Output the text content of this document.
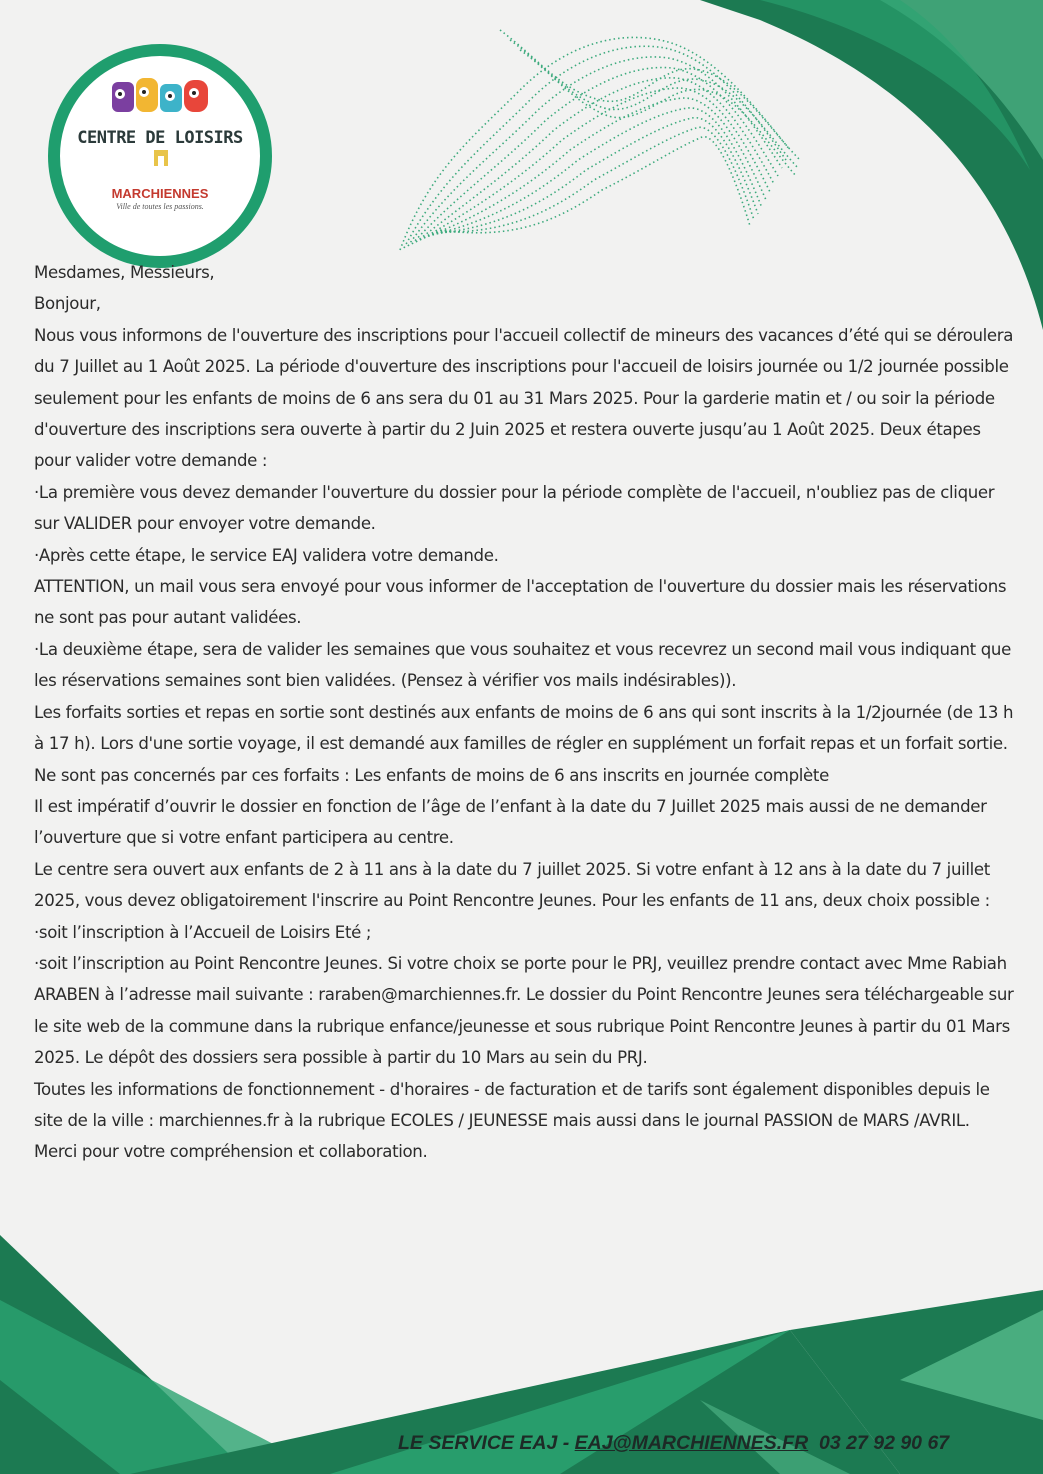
CENTRE DE LOISIRS
MARCHIENNES
Ville de toutes les passions.

Mesdames, Messieurs,

Bonjour,

Nous vous informons de l'ouverture des inscriptions pour l'accueil collectif de mineurs des vacances d’été qui se déroulera du 7 Juillet au 1 Août 2025. La période d'ouverture des inscriptions pour l'accueil de loisirs journée ou 1/2 journée possible seulement pour les enfants de moins de 6 ans sera du 01 au 31 Mars 2025. Pour la garderie matin et / ou soir la période d'ouverture des inscriptions sera ouverte à partir du 2 Juin 2025 et restera ouverte jusqu’au 1 Août 2025. Deux étapes pour valider votre demande :

·La première vous devez demander l'ouverture du dossier pour la période complète de l'accueil, n'oubliez pas de cliquer sur VALIDER pour envoyer votre demande.

·Après cette étape, le service EAJ validera votre demande.

ATTENTION, un mail vous sera envoyé pour vous informer de l'acceptation de l'ouverture du dossier mais les réservations ne sont pas pour autant validées.

·La deuxième étape, sera de valider les semaines que vous souhaitez et vous recevrez un second mail vous indiquant que les réservations semaines sont bien validées. (Pensez à vérifier vos mails indésirables)).

Les forfaits sorties et repas en sortie sont destinés aux enfants de moins de 6 ans qui sont inscrits à la 1/2journée (de 13 h à 17 h). Lors d'une sortie voyage, il est demandé aux familles de régler en supplément un forfait repas et un forfait sortie. Ne sont pas concernés par ces forfaits : Les enfants de moins de 6 ans inscrits en journée complète

Il est impératif d’ouvrir le dossier en fonction de l’âge de l’enfant à la date du 7 Juillet 2025 mais aussi de ne demander l’ouverture que si votre enfant participera au centre.

Le centre sera ouvert aux enfants de 2 à 11 ans à la date du 7 juillet 2025. Si votre enfant à 12 ans à la date du 7 juillet 2025, vous devez obligatoirement l'inscrire au Point Rencontre Jeunes. Pour les enfants de 11 ans, deux choix possible :

·soit l’inscription à l’Accueil de Loisirs Eté ;

·soit l’inscription au Point Rencontre Jeunes. Si votre choix se porte pour le PRJ, veuillez prendre contact avec Mme Rabiah ARABEN à l’adresse mail suivante : raraben@marchiennes.fr. Le dossier du Point Rencontre Jeunes sera téléchargeable sur le site web de la commune dans la rubrique enfance/jeunesse et sous rubrique Point Rencontre Jeunes à partir du 01 Mars 2025. Le dépôt des dossiers sera possible à partir du 10 Mars au sein du PRJ.

Toutes les informations de fonctionnement - d'horaires - de facturation et de tarifs sont également disponibles depuis le site de la ville : marchiennes.fr à la rubrique ECOLES / JEUNESSE mais aussi dans le journal PASSION de MARS /AVRIL.

Merci pour votre compréhension et collaboration.

LE SERVICE EAJ - EAJ@MARCHIENNES.FR 03 27 92 90 67
